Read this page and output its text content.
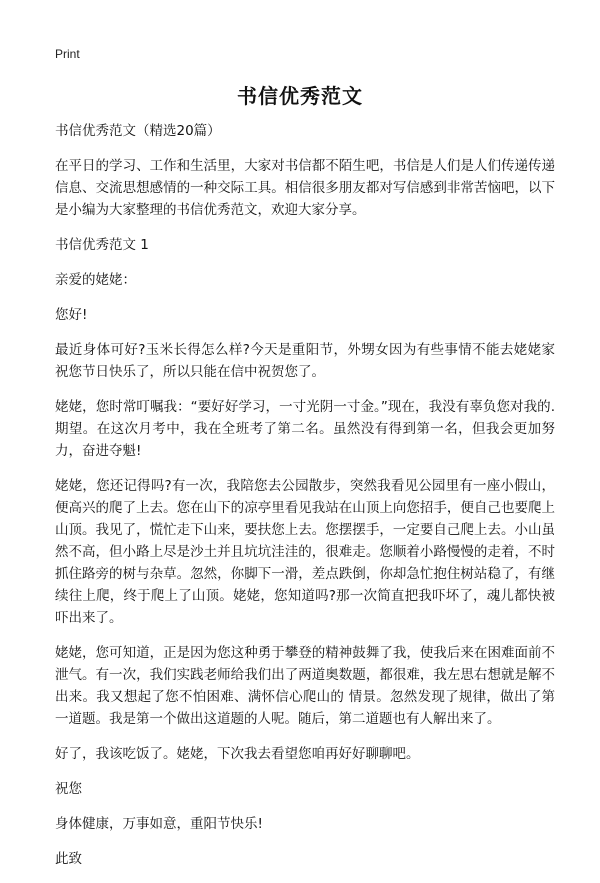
Print
书信优秀范文

书信优秀范文（精选20篇）

在平日的学习、工作和生活里，大家对书信都不陌生吧，书信是人们是人们传递传递信息、交流思想感情的一种交际工具。相信很多朋友都对写信感到非常苦恼吧，以下是小编为大家整理的书信优秀范文，欢迎大家分享。

书信优秀范文 1

亲爱的姥姥：

您好!

最近身体可好?玉米长得怎么样?今天是重阳节，外甥女因为有些事情不能去姥姥家祝您节日快乐了，所以只能在信中祝贺您了。

姥姥，您时常叮嘱我：“要好好学习，一寸光阴一寸金。”现在，我没有辜负您对我的.期望。在这次月考中，我在全班考了第二名。虽然没有得到第一名，但我会更加努力，奋进夺魁!

姥姥，您还记得吗?有一次，我陪您去公园散步，突然我看见公园里有一座小假山，便高兴的爬了上去。您在山下的凉亭里看见我站在山顶上向您招手，便自己也要爬上山顶。我见了，慌忙走下山来，要扶您上去。您摆摆手，一定要自己爬上去。小山虽然不高，但小路上尽是沙土并且坑坑洼洼的，很难走。您顺着小路慢慢的走着，不时抓住路旁的树与杂草。忽然，你脚下一滑，差点跌倒，你却急忙抱住树站稳了，有继续往上爬，终于爬上了山顶。姥姥，您知道吗?那一次简直把我吓坏了，魂儿都快被吓出来了。

姥姥，您可知道，正是因为您这种勇于攀登的精神鼓舞了我，使我后来在困难面前不泄气。有一次，我们实践老师给我们出了两道奥数题，都很难，我左思右想就是解不出来。我又想起了您不怕困难、满怀信心爬山的 情景。忽然发现了规律，做出了第一道题。我是第一个做出这道题的人呢。随后，第二道题也有人解出来了。

好了，我该吃饭了。姥姥，下次我去看望您咱再好好聊聊吧。

祝您

身体健康，万事如意，重阳节快乐!

此致
